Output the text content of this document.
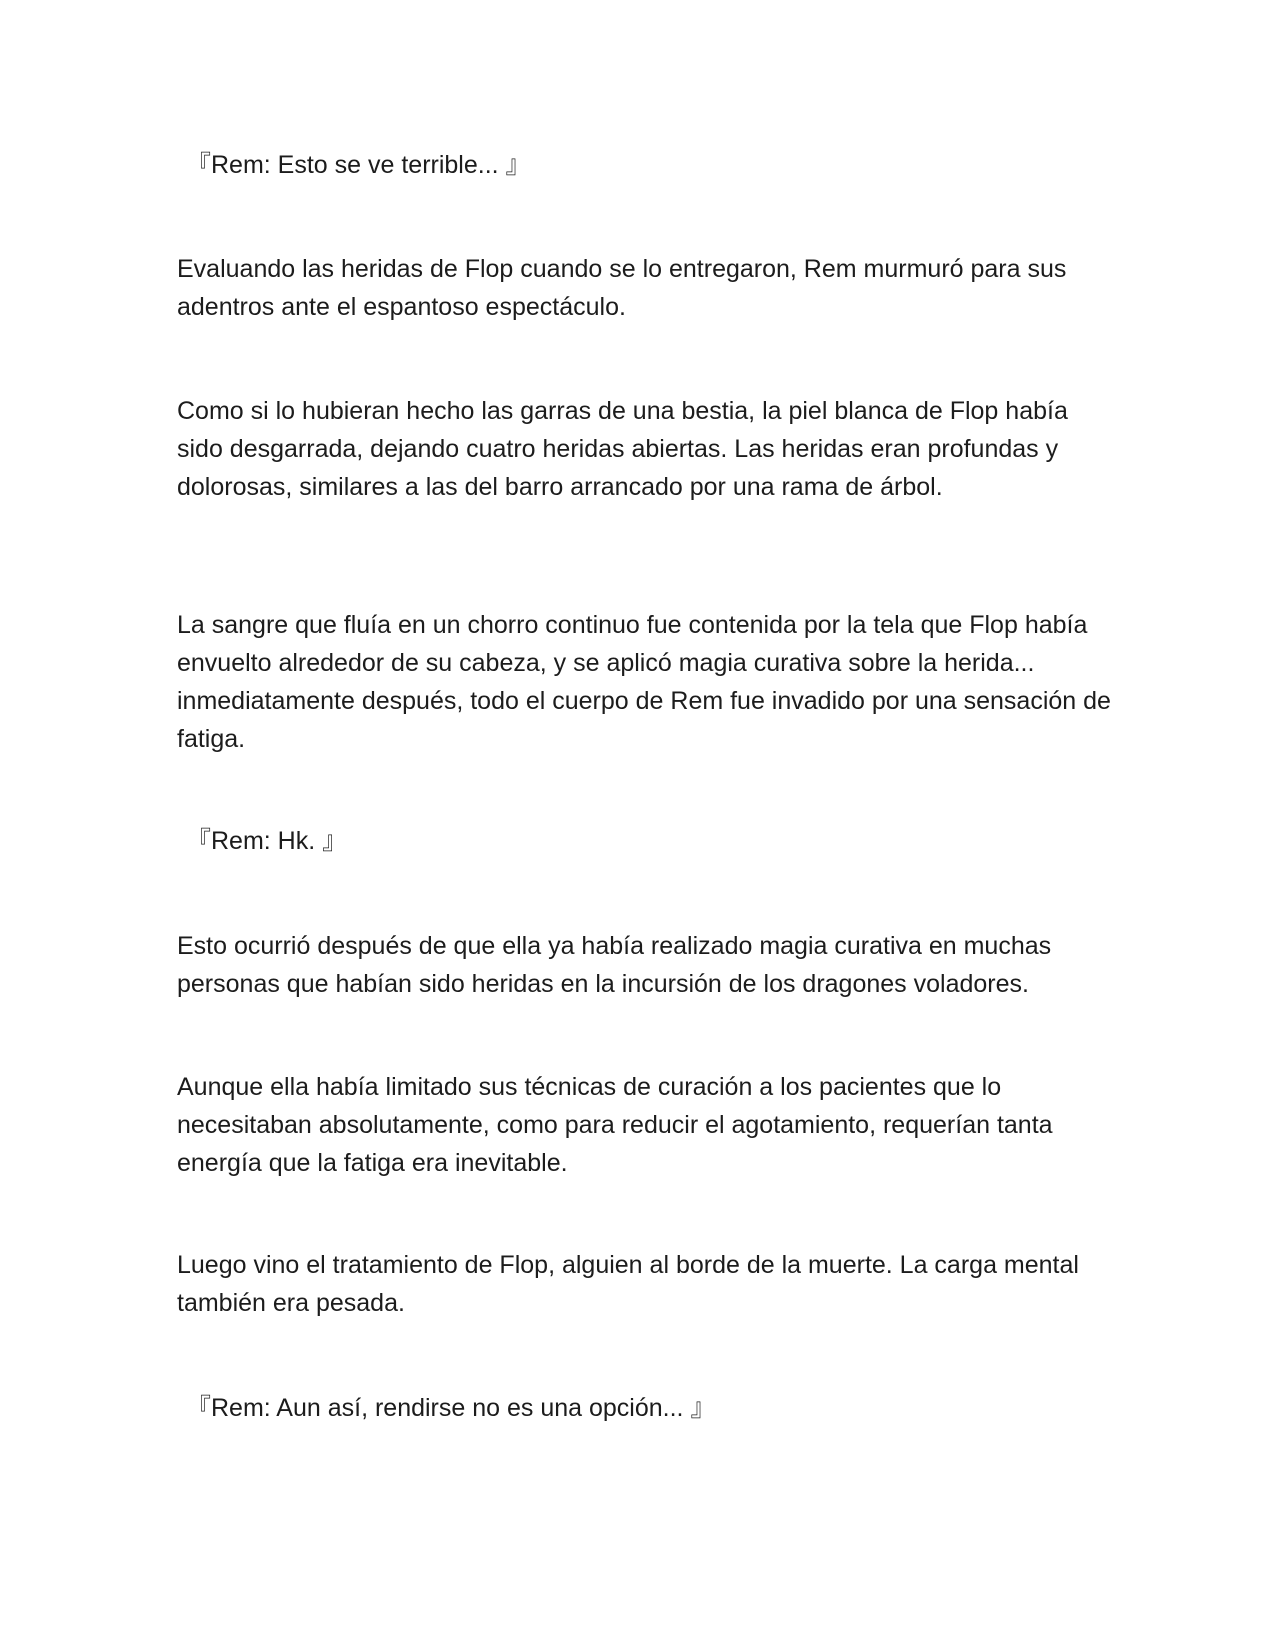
『Rem: Esto se ve terrible... 』

Evaluando las heridas de Flop cuando se lo entregaron, Rem murmuró para sus adentros ante el espantoso espectáculo.

Como si lo hubieran hecho las garras de una bestia, la piel blanca de Flop había sido desgarrada, dejando cuatro heridas abiertas. Las heridas eran profundas y dolorosas, similares a las del barro arrancado por una rama de árbol.

La sangre que fluía en un chorro continuo fue contenida por la tela que Flop había envuelto alrededor de su cabeza, y se aplicó magia curativa sobre la herida... inmediatamente después, todo el cuerpo de Rem fue invadido por una sensación de fatiga.

『Rem: Hk. 』

Esto ocurrió después de que ella ya había realizado magia curativa en muchas personas que habían sido heridas en la incursión de los dragones voladores.

Aunque ella había limitado sus técnicas de curación a los pacientes que lo necesitaban absolutamente, como para reducir el agotamiento, requerían tanta energía que la fatiga era inevitable.

Luego vino el tratamiento de Flop, alguien al borde de la muerte. La carga mental también era pesada.

『Rem: Aun así, rendirse no es una opción... 』
